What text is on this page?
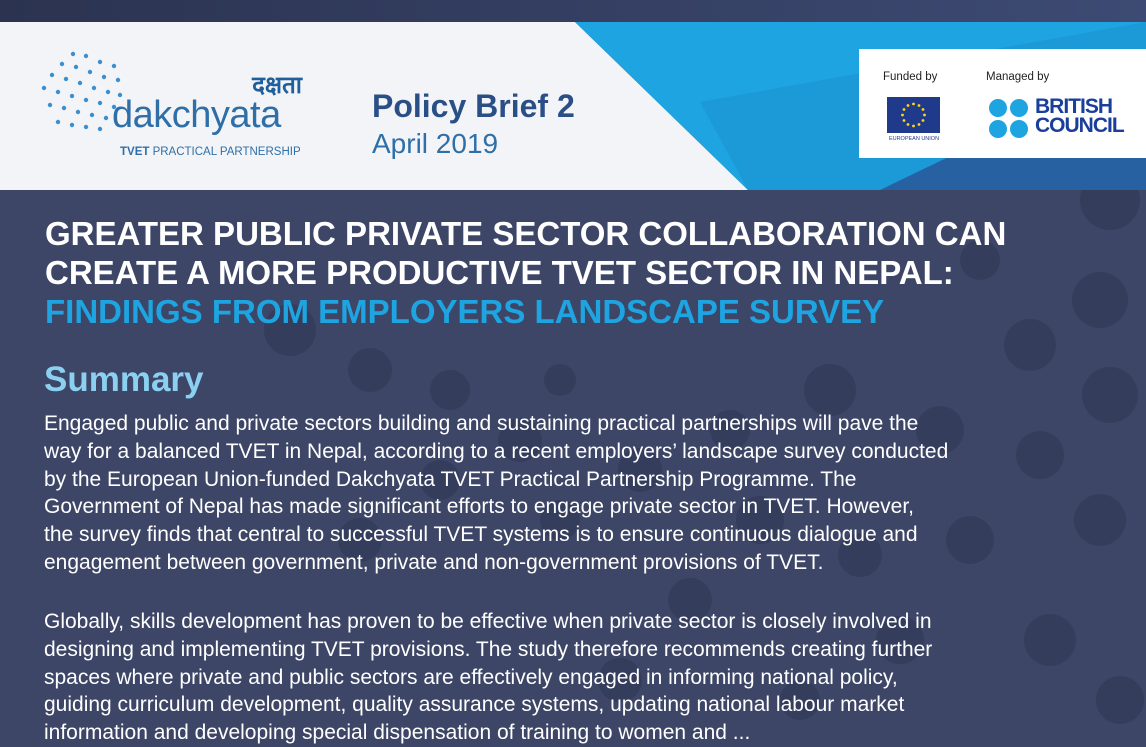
दक्षता
dakchyata
TVET PRACTICAL PARTNERSHIP
Policy Brief 2
April 2019
Funded by	Managed by
EUROPEAN UNION
BRITISH
COUNCIL
GREATER PUBLIC PRIVATE SECTOR COLLABORATION CAN
CREATE A MORE PRODUCTIVE TVET SECTOR IN NEPAL:
FINDINGS FROM EMPLOYERS LANDSCAPE SURVEY
Summary
Engaged public and private sectors building and sustaining practical partnerships will pave the
way for a balanced TVET in Nepal, according to a recent employers’ landscape survey conducted
by the European Union-funded Dakchyata TVET Practical Partnership Programme. The
Government of Nepal has made significant efforts to engage private sector in TVET. However,
the survey finds that central to successful TVET systems is to ensure continuous dialogue and
engagement between government, private and non-government provisions of TVET.
Globally, skills development has proven to be effective when private sector is closely involved in
designing and implementing TVET provisions. The study therefore recommends creating further
spaces where private and public sectors are effectively engaged in informing national policy,
guiding curriculum development, quality assurance systems, updating national labour market
information and developing special dispensation of training to women and ...
